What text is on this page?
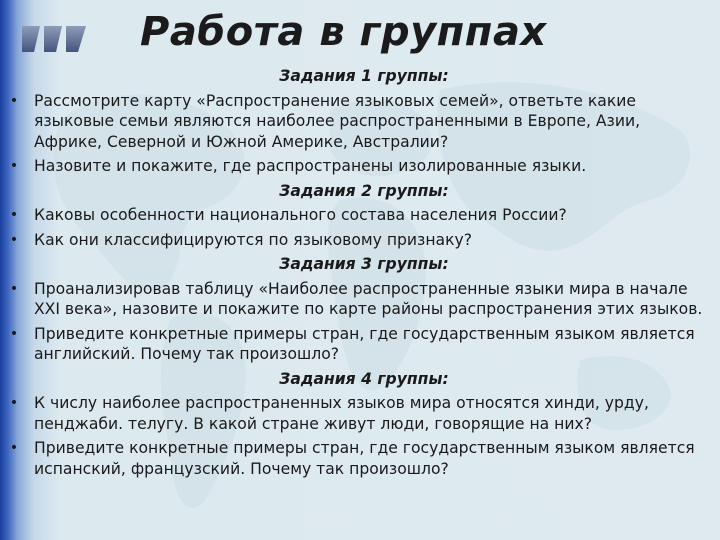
Работа в группах
Задания 1 группы:
• Рассмотрите карту «Распространение языковых семей», ответьте какие языковые семьи являются наиболее распространенными в Европе, Азии, Африке, Северной и Южной Америке, Австралии?
• Назовите и покажите, где распространены изолированные языки.
Задания 2 группы:
• Каковы особенности национального состава населения России?
• Как они классифицируются по языковому признаку?
Задания 3 группы:
• Проанализировав таблицу «Наиболее распространенные языки мира в начале XXI века», назовите и покажите по карте районы распространения этих языков.
• Приведите конкретные примеры стран, где государственным языком является английский. Почему так произошло?
Задания 4 группы:
• К числу наиболее распространенных языков мира относятся хинди, урду, пенджаби. телугу. В какой стране живут люди, говорящие на них?
• Приведите конкретные примеры стран, где государственным языком является испанский, французский. Почему так произошло?
